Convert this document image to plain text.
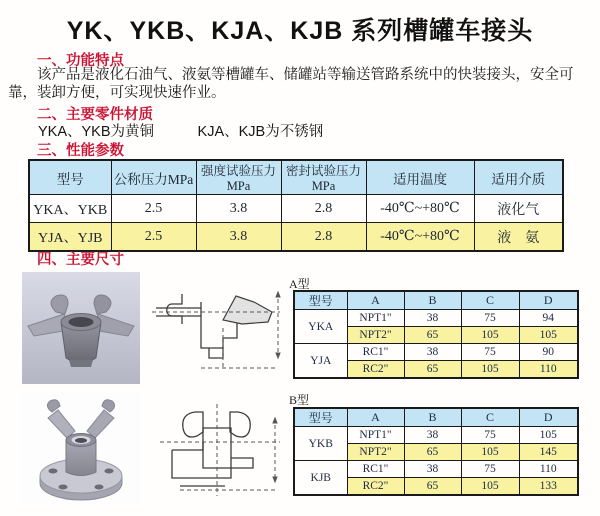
YK、YKB、KJA、KJB 系列槽罐车接头
一、功能特点
该产品是液化石油气、液氨等槽罐车、储罐站等输送管路系统中的快装接头，安全可靠，装卸方便，可实现快速作业。
二、主要零件材质
YKA、YKB为黄铜　　　KJA、KJB为不锈钢
三、性能参数
型号	公称压力MPa	强度试验压力MPa	密封试验压力MPa	适用温度	适用介质
YKA、YKB	2.5	3.8	2.8	-40℃~+80℃	液化气
YJA、YJB	2.5	3.8	2.8	-40℃~+80℃	液　氨
四、主要尺寸
A型
型号	A	B	C	D
YKA	NPT1"	38	75	94
	NPT2"	65	105	105
YJA	RC1"	38	75	90
	RC2"	65	105	110
B型
型号	A	B	C	D
YKB	NPT1"	38	75	105
	NPT2"	65	105	145
KJB	RC1"	38	75	110
	RC2"	65	105	133
